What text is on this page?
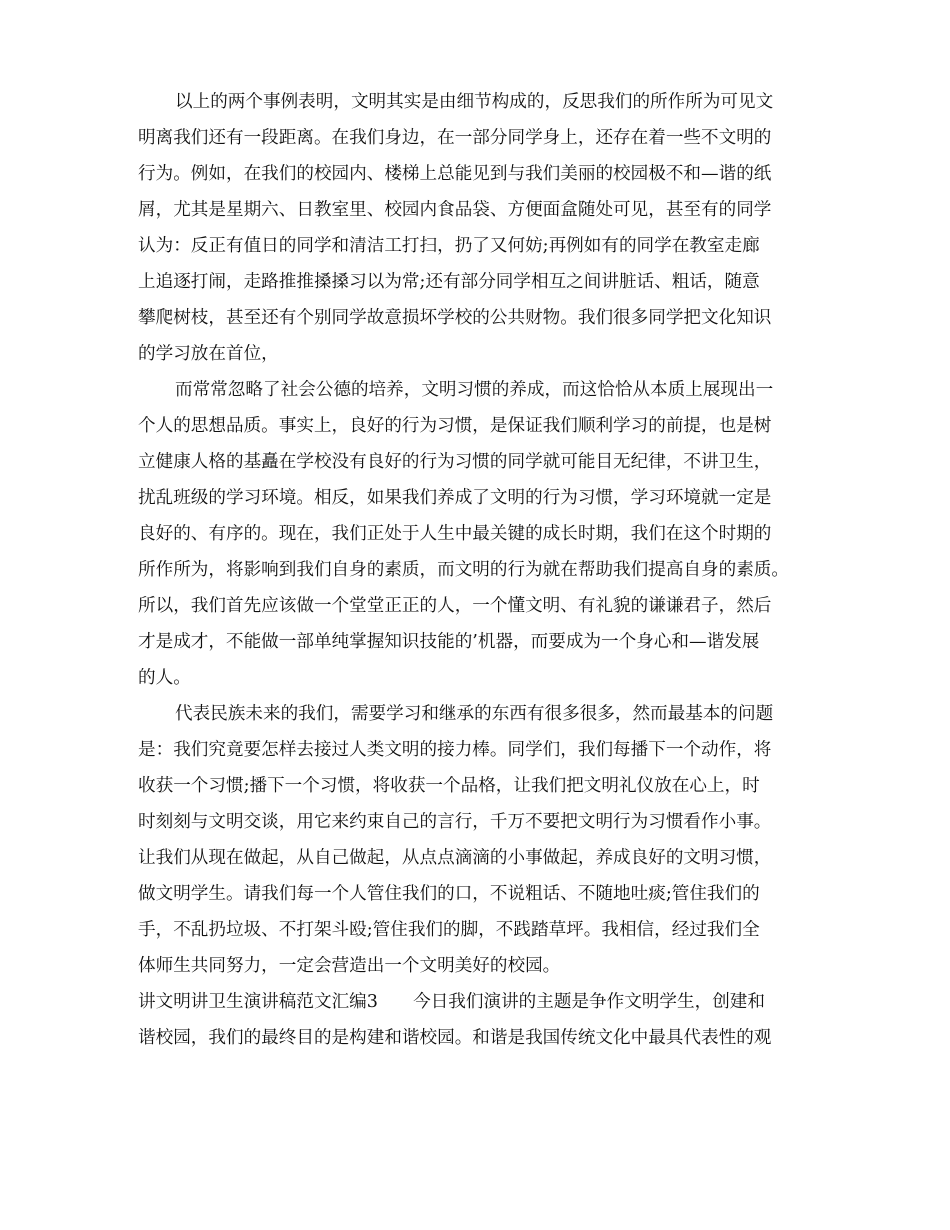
以上的两个事例表明，文明其实是由细节构成的，反思我们的所作所为可见文
明离我们还有一段距离。在我们身边，在一部分同学身上，还存在着一些不文明的
行为。例如，在我们的校园内、楼梯上总能见到与我们美丽的校园极不和—谐的纸
屑，尤其是星期六、日教室里、校园内食品袋、方便面盒随处可见，甚至有的同学
认为：反正有值日的同学和清洁工打扫，扔了又何妨;再例如有的同学在教室走廊
上追逐打闹，走路推推搡搡习以为常;还有部分同学相互之间讲脏话、粗话，随意
攀爬树枝，甚至还有个别同学故意损坏学校的公共财物。我们很多同学把文化知识
的学习放在首位，
而常常忽略了社会公德的培养，文明习惯的养成，而这恰恰从本质上展现出一
个人的思想品质。事实上，良好的行为习惯，是保证我们顺利学习的前提，也是树
立健康人格的基矗在学校没有良好的行为习惯的同学就可能目无纪律，不讲卫生，
扰乱班级的学习环境。相反，如果我们养成了文明的行为习惯，学习环境就一定是
良好的、有序的。现在，我们正处于人生中最关键的成长时期，我们在这个时期的
所作所为，将影响到我们自身的素质，而文明的行为就在帮助我们提高自身的素质。
所以，我们首先应该做一个堂堂正正的人，一个懂文明、有礼貌的谦谦君子，然后
才是成才，不能做一部单纯掌握知识技能的’机器，而要成为一个身心和—谐发展
的人。
代表民族未来的我们，需要学习和继承的东西有很多很多，然而最基本的问题
是：我们究竟要怎样去接过人类文明的接力棒。同学们，我们每播下一个动作，将
收获一个习惯;播下一个习惯，将收获一个品格，让我们把文明礼仪放在心上，时
时刻刻与文明交谈，用它来约束自己的言行，千万不要把文明行为习惯看作小事。
让我们从现在做起，从自己做起，从点点滴滴的小事做起，养成良好的文明习惯，
做文明学生。请我们每一个人管住我们的口，不说粗话、不随地吐痰;管住我们的
手，不乱扔垃圾、不打架斗殴;管住我们的脚，不践踏草坪。我相信，经过我们全
体师生共同努力，一定会营造出一个文明美好的校园。
讲文明讲卫生演讲稿范文汇编3　　今日我们演讲的主题是争作文明学生，创建和
谐校园，我们的最终目的是构建和谐校园。和谐是我国传统文化中最具代表性的观
